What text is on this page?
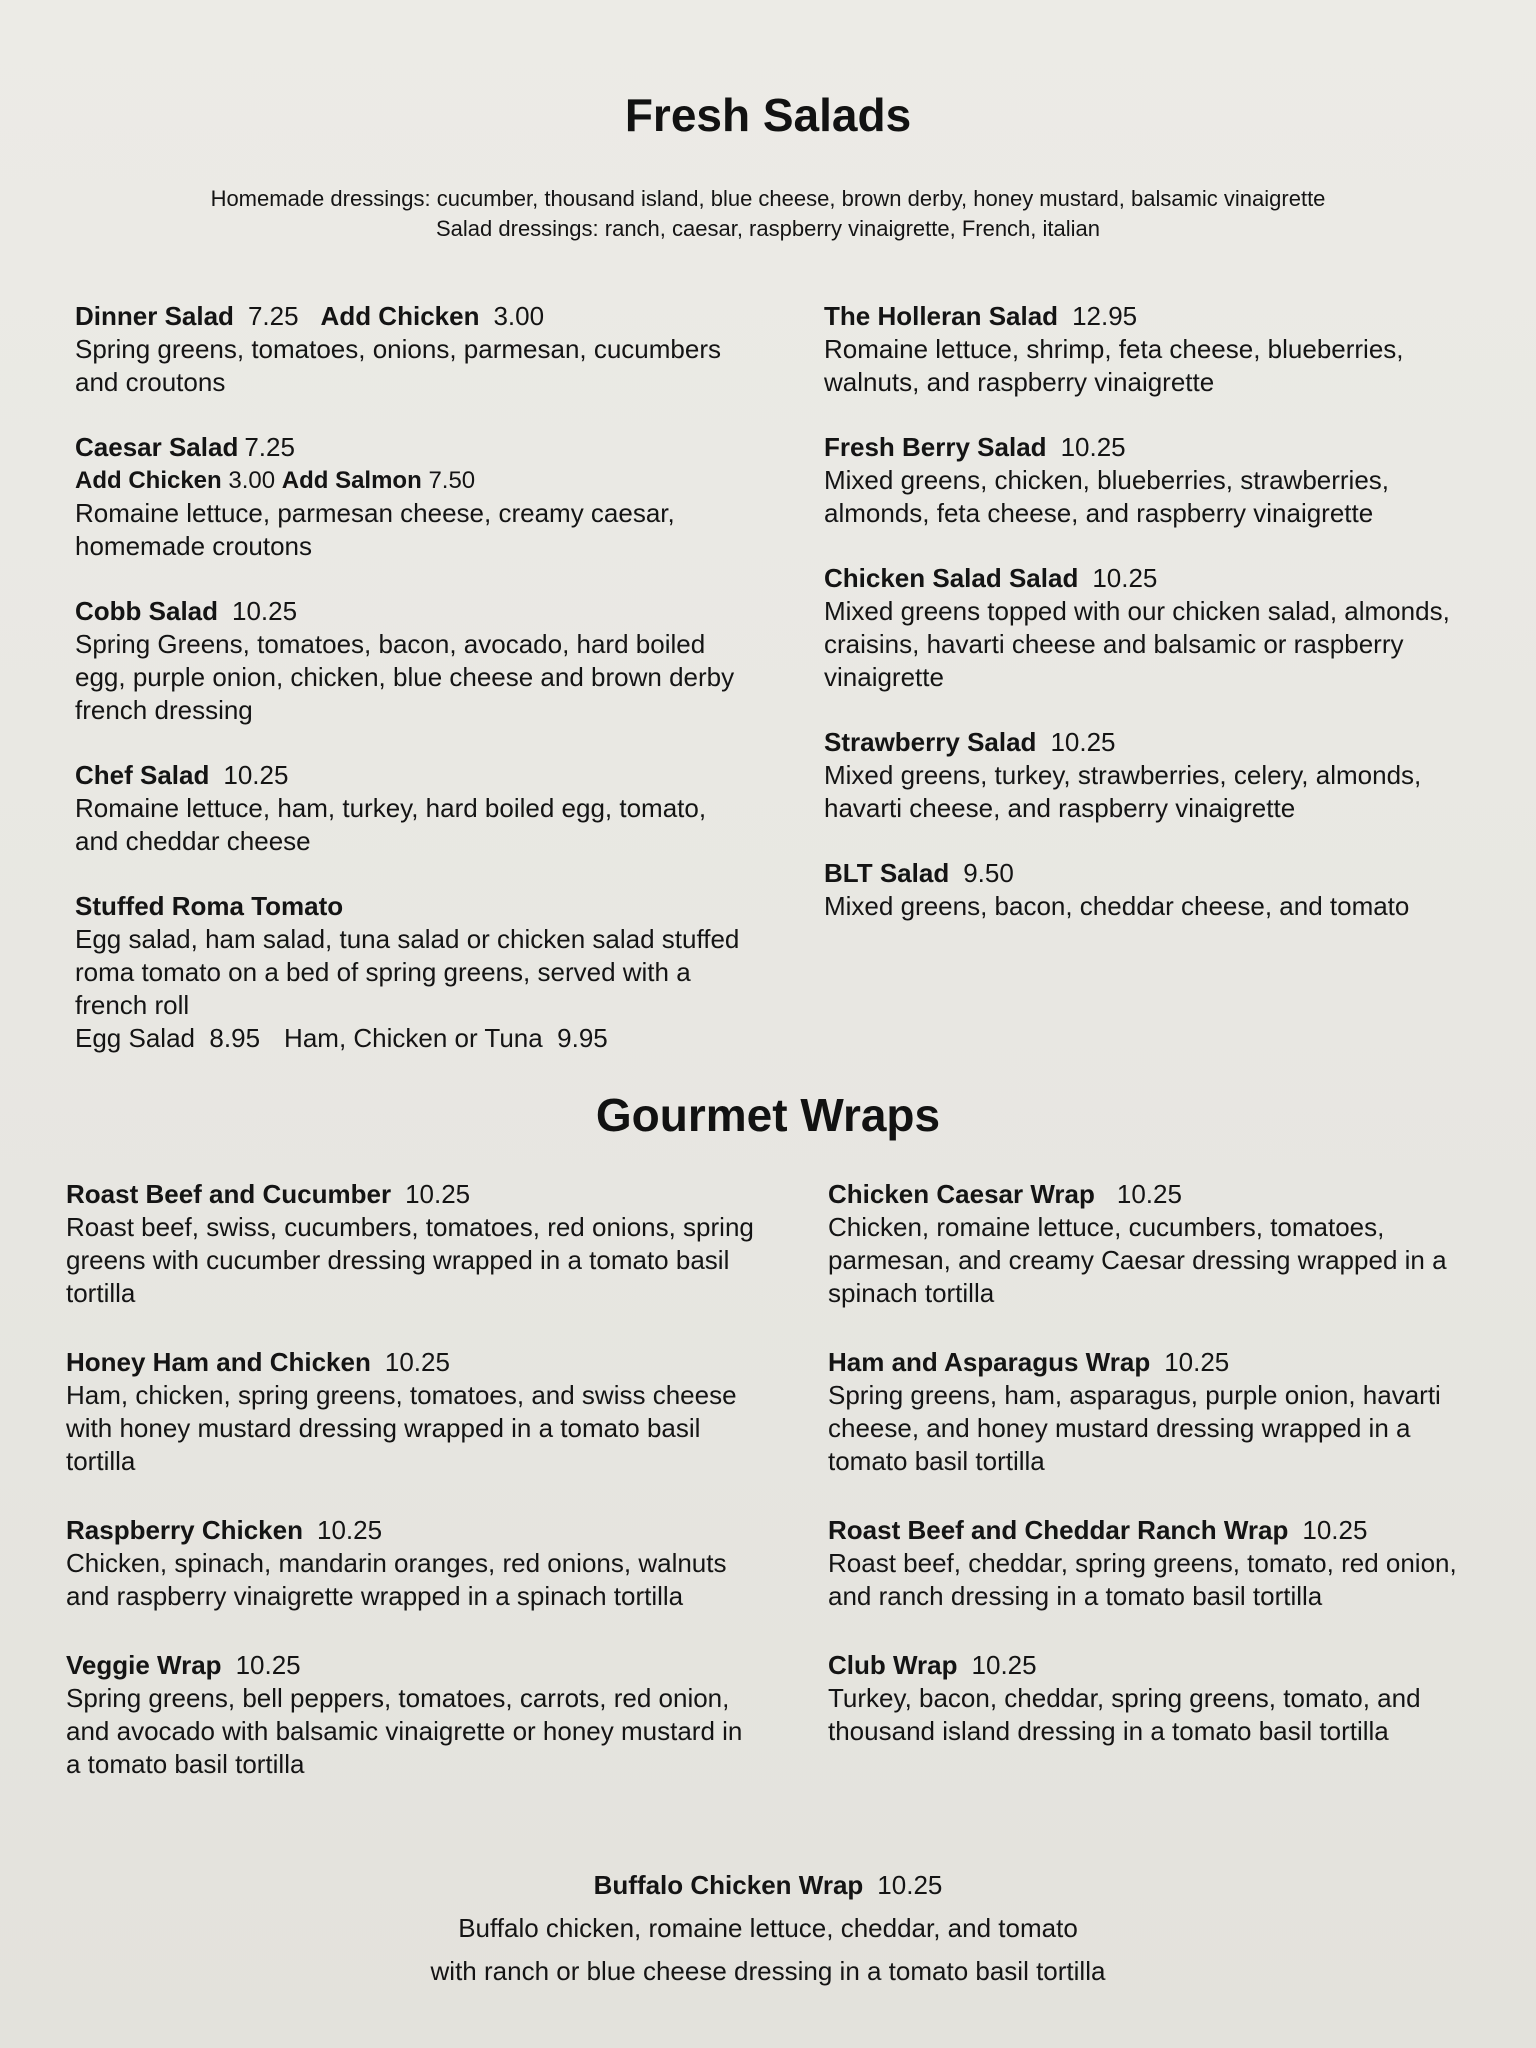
Fresh Salads
Homemade dressings: cucumber, thousand island, blue cheese, brown derby, honey mustard, balsamic vinaigrette
Salad dressings: ranch, caesar, raspberry vinaigrette, French, italian
Dinner Salad 7.25 Add Chicken 3.00
Spring greens, tomatoes, onions, parmesan, cucumbers and croutons
Caesar Salad 7.25
Add Chicken 3.00 Add Salmon 7.50
Romaine lettuce, parmesan cheese, creamy caesar, homemade croutons
Cobb Salad 10.25
Spring Greens, tomatoes, bacon, avocado, hard boiled egg, purple onion, chicken, blue cheese and brown derby french dressing
Chef Salad 10.25
Romaine lettuce, ham, turkey, hard boiled egg, tomato, and cheddar cheese
Stuffed Roma Tomato
Egg salad, ham salad, tuna salad or chicken salad stuffed roma tomato on a bed of spring greens, served with a french roll
Egg Salad  8.95 Ham, Chicken or Tuna  9.95
The Holleran Salad 12.95
Romaine lettuce, shrimp, feta cheese, blueberries, walnuts, and raspberry vinaigrette
Fresh Berry Salad 10.25
Mixed greens, chicken, blueberries, strawberries, almonds, feta cheese, and raspberry vinaigrette
Chicken Salad Salad 10.25
Mixed greens topped with our chicken salad, almonds, craisins, havarti cheese and balsamic or raspberry vinaigrette
Strawberry Salad 10.25
Mixed greens, turkey, strawberries, celery, almonds, havarti cheese, and raspberry vinaigrette
BLT Salad 9.50
Mixed greens, bacon, cheddar cheese, and tomato
Gourmet Wraps
Roast Beef and Cucumber 10.25
Roast beef, swiss, cucumbers, tomatoes, red onions, spring greens with cucumber dressing wrapped in a tomato basil tortilla
Honey Ham and Chicken 10.25
Ham, chicken, spring greens, tomatoes, and swiss cheese with honey mustard dressing wrapped in a tomato basil tortilla
Raspberry Chicken 10.25
Chicken, spinach, mandarin oranges, red onions, walnuts and raspberry vinaigrette wrapped in a spinach tortilla
Veggie Wrap 10.25
Spring greens, bell peppers, tomatoes, carrots, red onion, and avocado with balsamic vinaigrette or honey mustard in a tomato basil tortilla
Chicken Caesar Wrap 10.25
Chicken, romaine lettuce, cucumbers, tomatoes, parmesan, and creamy Caesar dressing wrapped in a spinach tortilla
Ham and Asparagus Wrap 10.25
Spring greens, ham, asparagus, purple onion, havarti cheese, and honey mustard dressing wrapped in a tomato basil tortilla
Roast Beef and Cheddar Ranch Wrap 10.25
Roast beef, cheddar, spring greens, tomato, red onion, and ranch dressing in a tomato basil tortilla
Club Wrap 10.25
Turkey, bacon, cheddar, spring greens, tomato, and thousand island dressing in a tomato basil tortilla
Buffalo Chicken Wrap 10.25
Buffalo chicken, romaine lettuce, cheddar, and tomato
with ranch or blue cheese dressing in a tomato basil tortilla
